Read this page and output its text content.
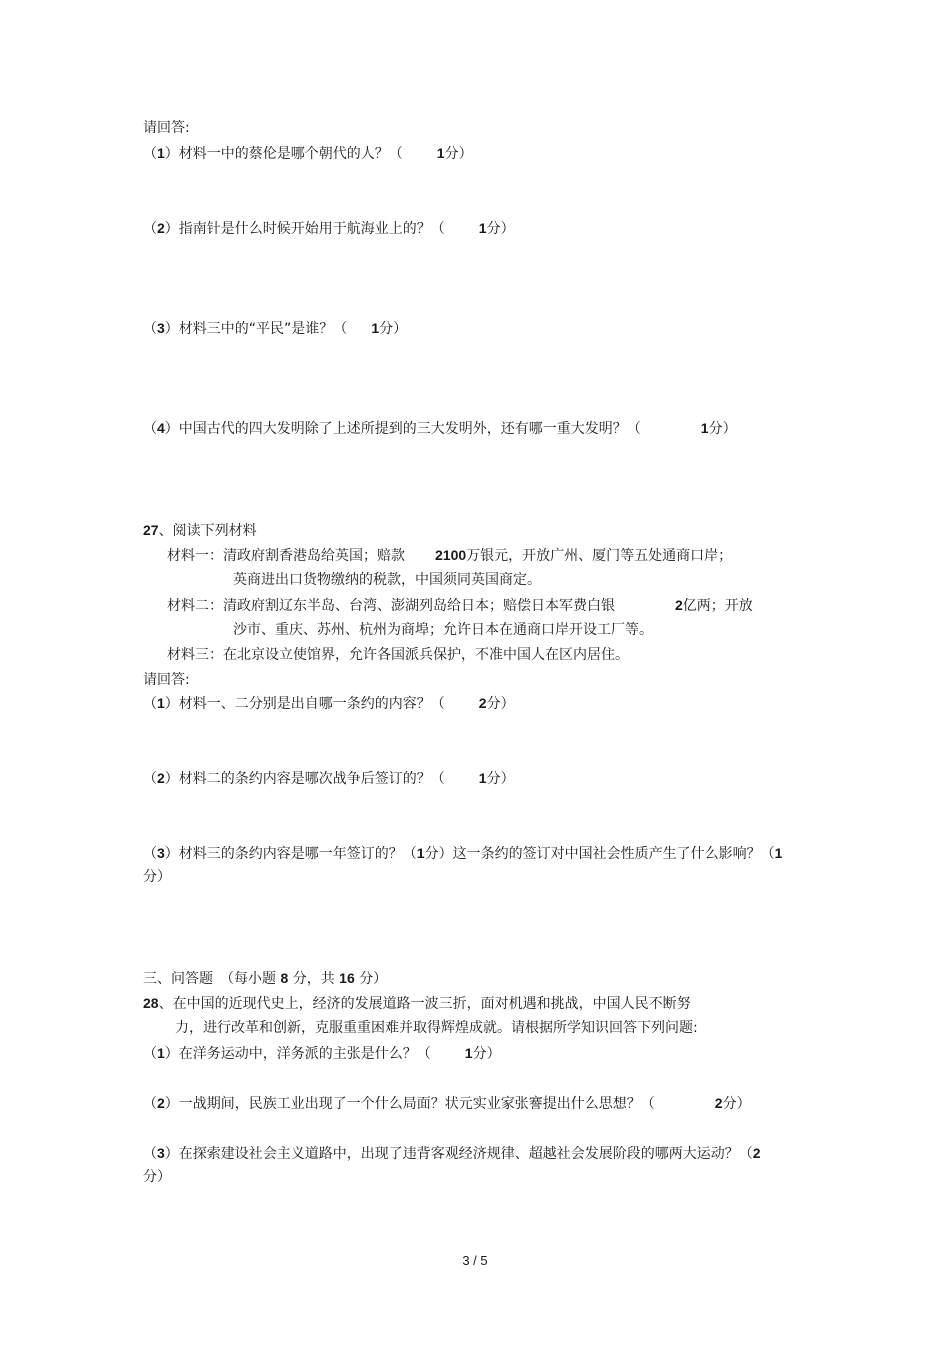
请回答:
（1）材料一中的蔡伦是哪个朝代的人？（ 1分）
（2）指南针是什么时候开始用于航海业上的？（ 1分）
（3）材料三中的“平民”是谁？（ 1分）
（4）中国古代的四大发明除了上述所提到的三大发明外，还有哪一重大发明？（	1分）
27、阅读下列材料
材料一：清政府割香港岛给英国；赔款 2100万银元，开放广州、厦门等五处通商口岸；
英商进出口货物缴纳的税款，中国须同英国商定。
材料二：清政府割辽东半岛、台湾、澎湖列岛给日本；赔偿日本军费白银	2亿两；开放
沙市、重庆、苏州、杭州为商埠；允许日本在通商口岸开设工厂等。
材料三：在北京设立使馆界，允许各国派兵保护，不准中国人在区内居住。
请回答:
（1）材料一、二分别是出自哪一条约的内容？（ 2分）
（2）材料二的条约内容是哪次战争后签订的？（ 1分）
（3）材料三的条约内容是哪一年签订的？（1分）这一条约的签订对中国社会性质产生了什么影响？（1
分）
三、问答题　（每小题 8 分，共 16 分）
28、在中国的近现代史上，经济的发展道路一波三折，面对机遇和挑战，中国人民不断努
力，进行改革和创新，克服重重困难并取得辉煌成就。请根据所学知识回答下列问题:
（1）在洋务运动中，洋务派的主张是什么？（ 1分）
（2）一战期间，民族工业出现了一个什么局面？状元实业家张謇提出什么思想？（	2分）
（3）在探索建设社会主义道路中，出现了违背客观经济规律、超越社会发展阶段的哪两大运动？（2
分）
3 / 5
